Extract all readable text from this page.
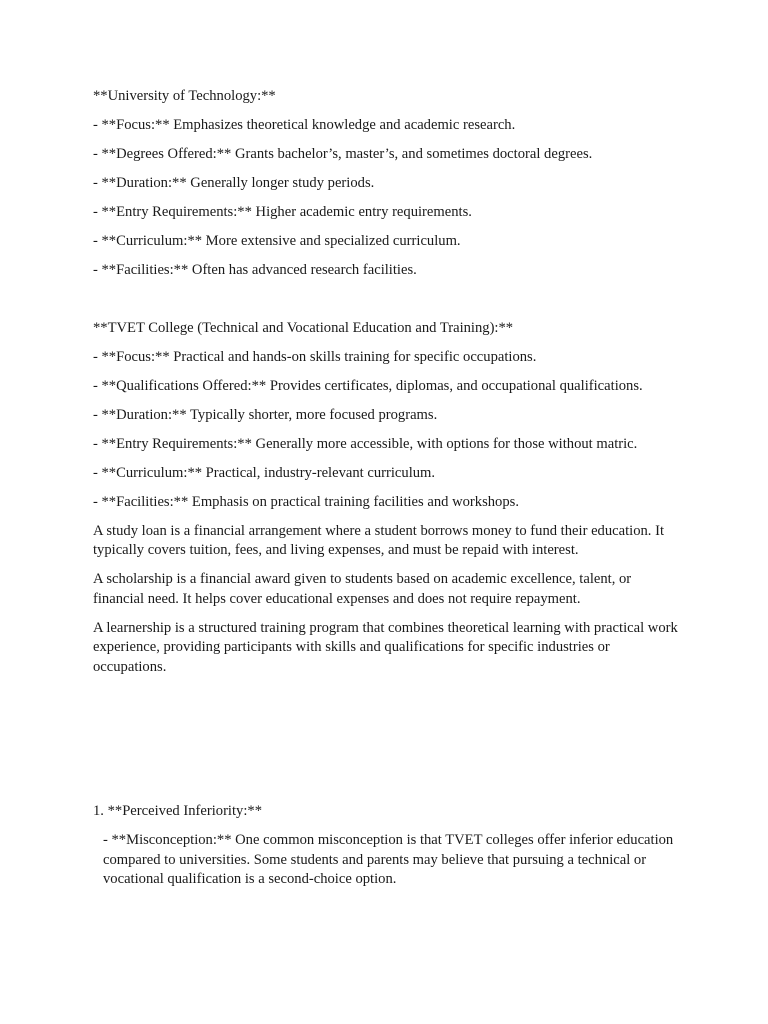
**University of Technology:**

- **Focus:** Emphasizes theoretical knowledge and academic research.

- **Degrees Offered:** Grants bachelor’s, master’s, and sometimes doctoral degrees.

- **Duration:** Generally longer study periods.

- **Entry Requirements:** Higher academic entry requirements.

- **Curriculum:** More extensive and specialized curriculum.

- **Facilities:** Often has advanced research facilities.

**TVET College (Technical and Vocational Education and Training):**

- **Focus:** Practical and hands-on skills training for specific occupations.

- **Qualifications Offered:** Provides certificates, diplomas, and occupational qualifications.

- **Duration:** Typically shorter, more focused programs.

- **Entry Requirements:** Generally more accessible, with options for those without matric.

- **Curriculum:** Practical, industry-relevant curriculum.

- **Facilities:** Emphasis on practical training facilities and workshops.

A study loan is a financial arrangement where a student borrows money to fund their education. It typically covers tuition, fees, and living expenses, and must be repaid with interest.

A scholarship is a financial award given to students based on academic excellence, talent, or financial need. It helps cover educational expenses and does not require repayment.

A learnership is a structured training program that combines theoretical learning with practical work experience, providing participants with skills and qualifications for specific industries or occupations.

1. **Perceived Inferiority:**

- **Misconception:** One common misconception is that TVET colleges offer inferior education compared to universities. Some students and parents may believe that pursuing a technical or vocational qualification is a second-choice option.
